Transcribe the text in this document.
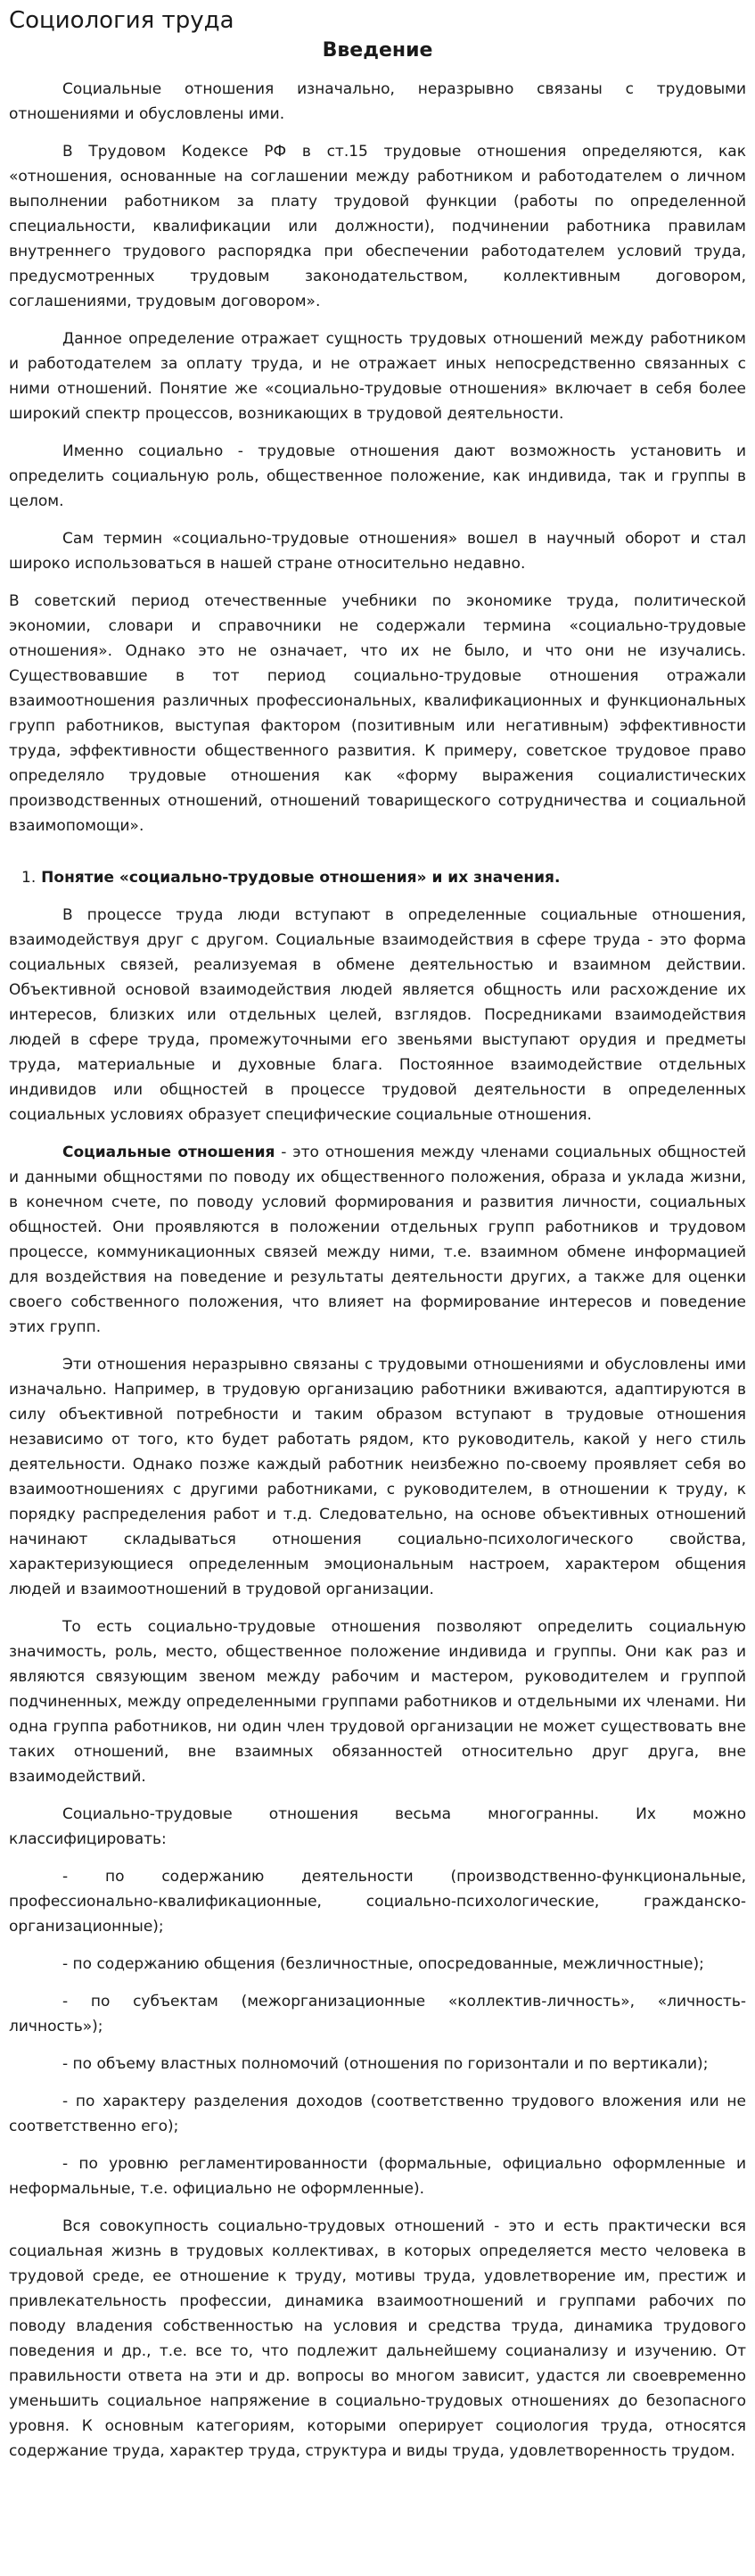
Социология труда
Введение

Социальные отношения изначально, неразрывно связаны с трудовыми отношениями и обусловлены ими.

В Трудовом Кодексе РФ в ст.15 трудовые отношения определяются, как «отношения, основанные на соглашении между работником и работодателем о личном выполнении работником за плату трудовой функции (работы по определенной специальности, квалификации или должности), подчинении работника правилам внутреннего трудового распорядка при обеспечении работодателем условий труда, предусмотренных трудовым законодательством, коллективным договором, соглашениями, трудовым договором».

Данное определение отражает сущность трудовых отношений между работником и работодателем за оплату труда, и не отражает иных непосредственно связанных с ними отношений. Понятие же «социально-трудовые отношения» включает в себя более широкий спектр процессов, возникающих в трудовой деятельности.

Именно социально - трудовые отношения дают возможность установить и определить социальную роль, общественное положение, как индивида, так и группы в целом.

Сам термин «социально-трудовые отношения» вошел в научный оборот и стал широко использоваться в нашей стране относительно недавно.

В советский период отечественные учебники по экономике труда, политической экономии, словари и справочники не содержали термина «социально-трудовые отношения». Однако это не означает, что их не было, и что они не изучались. Существовавшие в тот период социально-трудовые отношения отражали взаимоотношения различных профессиональных, квалификационных и функциональных групп работников, выступая фактором (позитивным или негативным) эффективности труда, эффективности общественного развития. К примеру, советское трудовое право определяло трудовые отношения как «форму выражения социалистических производственных отношений, отношений товарищеского сотрудничества и социальной взаимопомощи».

1. Понятие «социально-трудовые отношения» и их значения.

В процессе труда люди вступают в определенные социальные отношения, взаимодействуя друг с другом. Социальные взаимодействия в сфере труда - это форма социальных связей, реализуемая в обмене деятельностью и взаимном действии. Объективной основой взаимодействия людей является общность или расхождение их интересов, близких или отдельных целей, взглядов. Посредниками взаимодействия людей в сфере труда, промежуточными его звеньями выступают орудия и предметы труда, материальные и духовные блага. Постоянное взаимодействие отдельных индивидов или общностей в процессе трудовой деятельности в определенных социальных условиях образует специфические социальные отношения.

Социальные отношения - это отношения между членами социальных общностей и данными общностями по поводу их общественного положения, образа и уклада жизни, в конечном счете, по поводу условий формирования и развития личности, социальных общностей. Они проявляются в положении отдельных групп работников и трудовом процессе, коммуникационных связей между ними, т.е. взаимном обмене информацией для воздействия на поведение и результаты деятельности других, а также для оценки своего собственного положения, что влияет на формирование интересов и поведение этих групп.

Эти отношения неразрывно связаны с трудовыми отношениями и обусловлены ими изначально. Например, в трудовую организацию работники вживаются, адаптируются в силу объективной потребности и таким образом вступают в трудовые отношения независимо от того, кто будет работать рядом, кто руководитель, какой у него стиль деятельности. Однако позже каждый работник неизбежно по-своему проявляет себя во взаимоотношениях с другими работниками, с руководителем, в отношении к труду, к порядку распределения работ и т.д. Следовательно, на основе объективных отношений начинают складываться отношения социально-психологического свойства, характеризующиеся определенным эмоциональным настроем, характером общения людей и взаимоотношений в трудовой организации.

То есть социально-трудовые отношения позволяют определить социальную значимость, роль, место, общественное положение индивида и группы. Они как раз и являются связующим звеном между рабочим и мастером, руководителем и группой подчиненных, между определенными группами работников и отдельными их членами. Ни одна группа работников, ни один член трудовой организации не может существовать вне таких отношений, вне взаимных обязанностей относительно друг друга, вне взаимодействий.

Социально-трудовые отношения весьма многогранны. Их можно классифицировать:

- по содержанию деятельности (производственно-функциональные, профессионально-квалификационные, социально-психологические, гражданско-организационные);

- по содержанию общения (безличностные, опосредованные, межличностные);

- по субъектам (межорганизационные «коллектив-личность», «личность-личность»);

- по объему властных полномочий (отношения по горизонтали и по вертикали);

- по характеру разделения доходов (соответственно трудового вложения или не соответственно его);

- по уровню регламентированности (формальные, официально оформленные и неформальные, т.е. официально не оформленные).

Вся совокупность социально-трудовых отношений - это и есть практически вся социальная жизнь в трудовых коллективах, в которых определяется место человека в трудовой среде, ее отношение к труду, мотивы труда, удовлетворение им, престиж и привлекательность профессии, динамика взаимоотношений и группами рабочих по поводу владения собственностью на условия и средства труда, динамика трудового поведения и др., т.е. все то, что подлежит дальнейшему социанализу и изучению. От правильности ответа на эти и др. вопросы во многом зависит, удастся ли своевременно уменьшить социальное напряжение в социально-трудовых отношениях до безопасного уровня. К основным категориям, которыми оперирует социология труда, относятся содержание труда, характер труда, структура и виды труда, удовлетворенность трудом.
